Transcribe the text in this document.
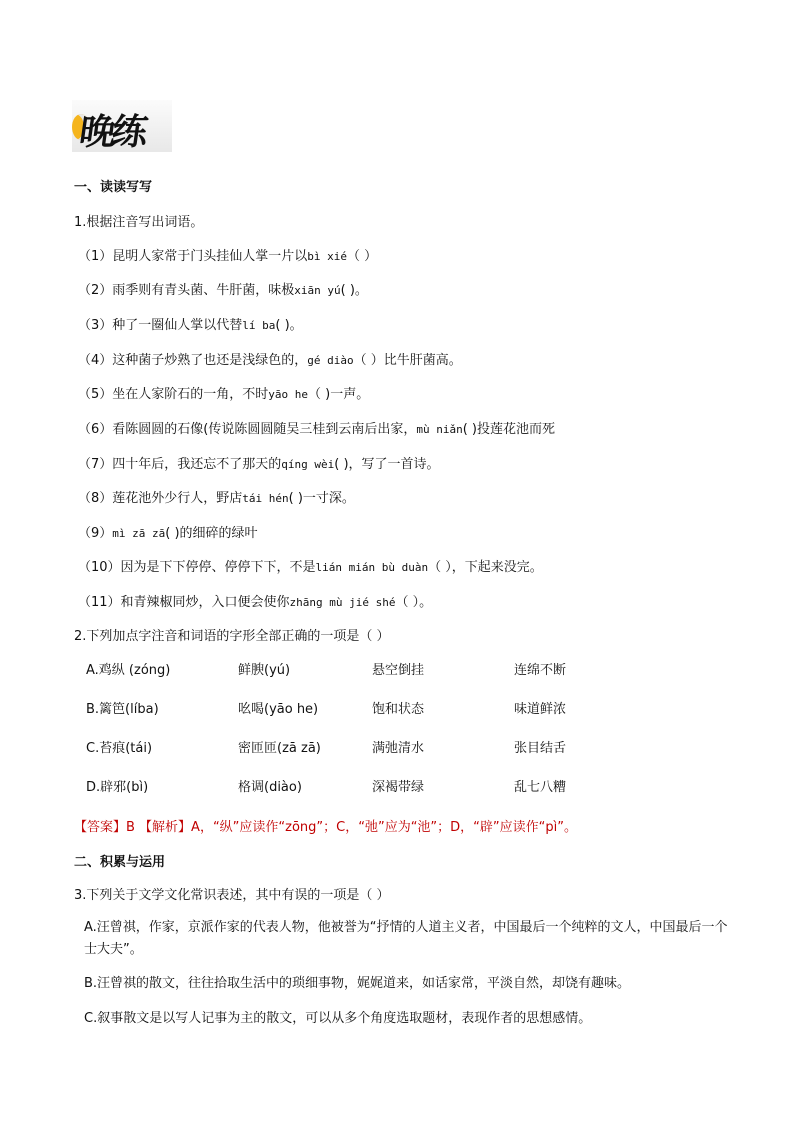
晚练
一、读读写写
1.根据注音写出词语。
（1）昆明人家常于门头挂仙人掌一片以bì xié（ ）
（2）雨季则有青头菌、牛肝菌，味极xiān yú( )。
（3）种了一圈仙人掌以代替lí ba( )。
（4）这种菌子炒熟了也还是浅绿色的，gé diào（ ）比牛肝菌高。
（5）坐在人家阶石的一角，不时yāo he（ )一声。
（6）看陈圆圆的石像(传说陈圆圆随吴三桂到云南后出家，mù niǎn( )投莲花池而死
（7）四十年后，我还忘不了那天的qíng wèi( )，写了一首诗。
（8）莲花池外少行人，野店tái hén( )一寸深。
（9）mì zā zā( )的细碎的绿叶
（10）因为是下下停停、停停下下，不是lián mián bù duàn（ ），下起来没完。
（11）和青辣椒同炒，入口便会使你zhāng mù jié shé（ ）。
2.下列加点字注音和词语的字形全部正确的一项是（ ）
A.鸡纵 (zóng)	鲜腴(yú)	悬空倒挂	连绵不断
B.篱笆(líba)	吆喝(yāo he)	饱和状态	味道鲜浓
C.苔痕(tái)	密匝匝(zā zā)	满弛清水	张目结舌
D.辟邪(bì)	格调(diào)	深褐带绿	乱七八糟
【答案】B 【解析】A，“纵”应读作“zōng”；C，“弛”应为“池”；D，“辟”应读作“pì”。
二、积累与运用
3.下列关于文学文化常识表述，其中有误的一项是（ ）
A.汪曾祺，作家，京派作家的代表人物，他被誉为“抒情的人道主义者，中国最后一个纯粹的文人，中国最后一个士大夫”。
B.汪曾祺的散文，往往拾取生活中的琐细事物，娓娓道来，如话家常，平淡自然，却饶有趣味。
C.叙事散文是以写人记事为主的散文，可以从多个角度选取题材，表现作者的思想感情。
